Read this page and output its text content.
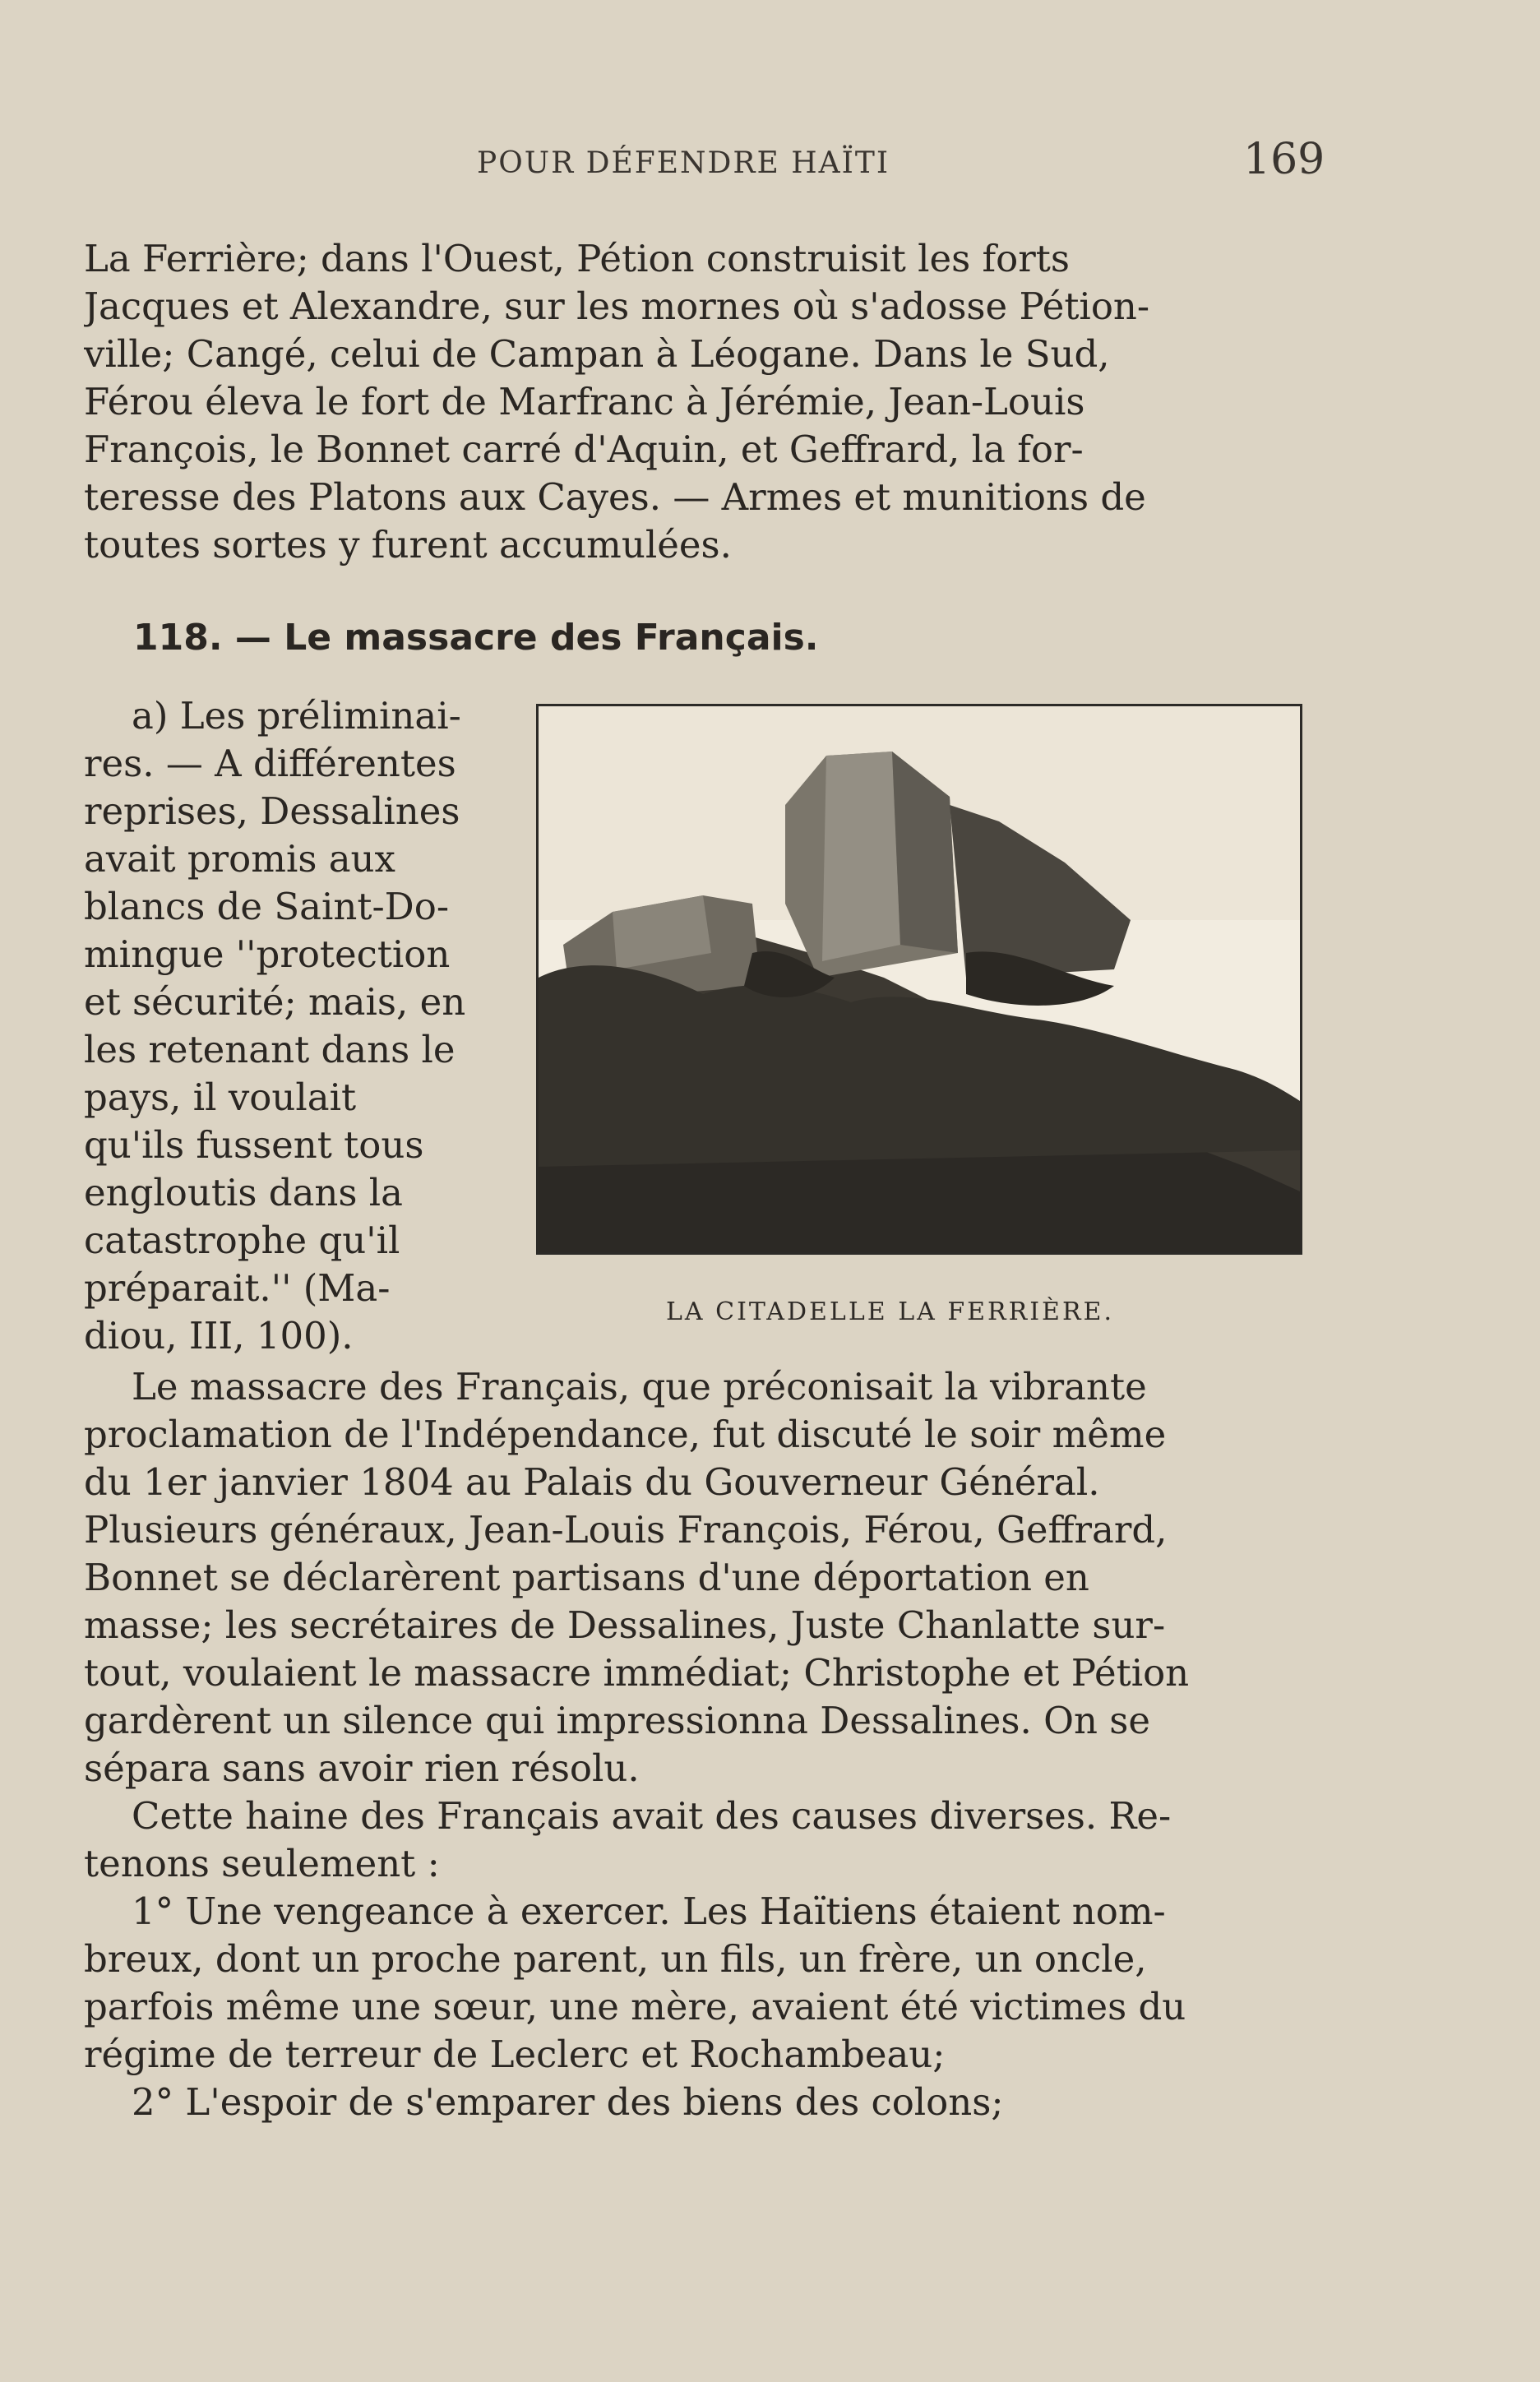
POUR DÉFENDRE HAÏTI	169
La Ferrière; dans l'Ouest, Pétion construisit les forts
Jacques et Alexandre, sur les mornes où s'adosse Pétion-
ville; Cangé, celui de Campan à Léogane. Dans le Sud,
Férou éleva le fort de Marfranc à Jérémie, Jean-Louis
François, le Bonnet carré d'Aquin, et Geffrard, la for-
teresse des Platons aux Cayes. — Armes et munitions de
toutes sortes y furent accumulées.
118. — Le massacre des Français.
a) Les préliminai-
res. — A différentes
reprises, Dessalines
avait promis aux
blancs de Saint-Do-
mingue ''protection
et sécurité; mais, en
les retenant dans le
pays, il voulait
qu'ils fussent tous
engloutis dans la
catastrophe qu'il
préparait.'' (Ma-
diou, III, 100).
LA CITADELLE LA FERRIÈRE.
Le massacre des Français, que préconisait la vibrante
proclamation de l'Indépendance, fut discuté le soir même
du 1er janvier 1804 au Palais du Gouverneur Général.
Plusieurs généraux, Jean-Louis François, Férou, Geffrard,
Bonnet se déclarèrent partisans d'une déportation en
masse; les secrétaires de Dessalines, Juste Chanlatte sur-
tout, voulaient le massacre immédiat; Christophe et Pétion
gardèrent un silence qui impressionna Dessalines. On se
sépara sans avoir rien résolu.
Cette haine des Français avait des causes diverses. Re-
tenons seulement :
1° Une vengeance à exercer. Les Haïtiens étaient nom-
breux, dont un proche parent, un fils, un frère, un oncle,
parfois même une sœur, une mère, avaient été victimes du
régime de terreur de Leclerc et Rochambeau;
2° L'espoir de s'emparer des biens des colons;
